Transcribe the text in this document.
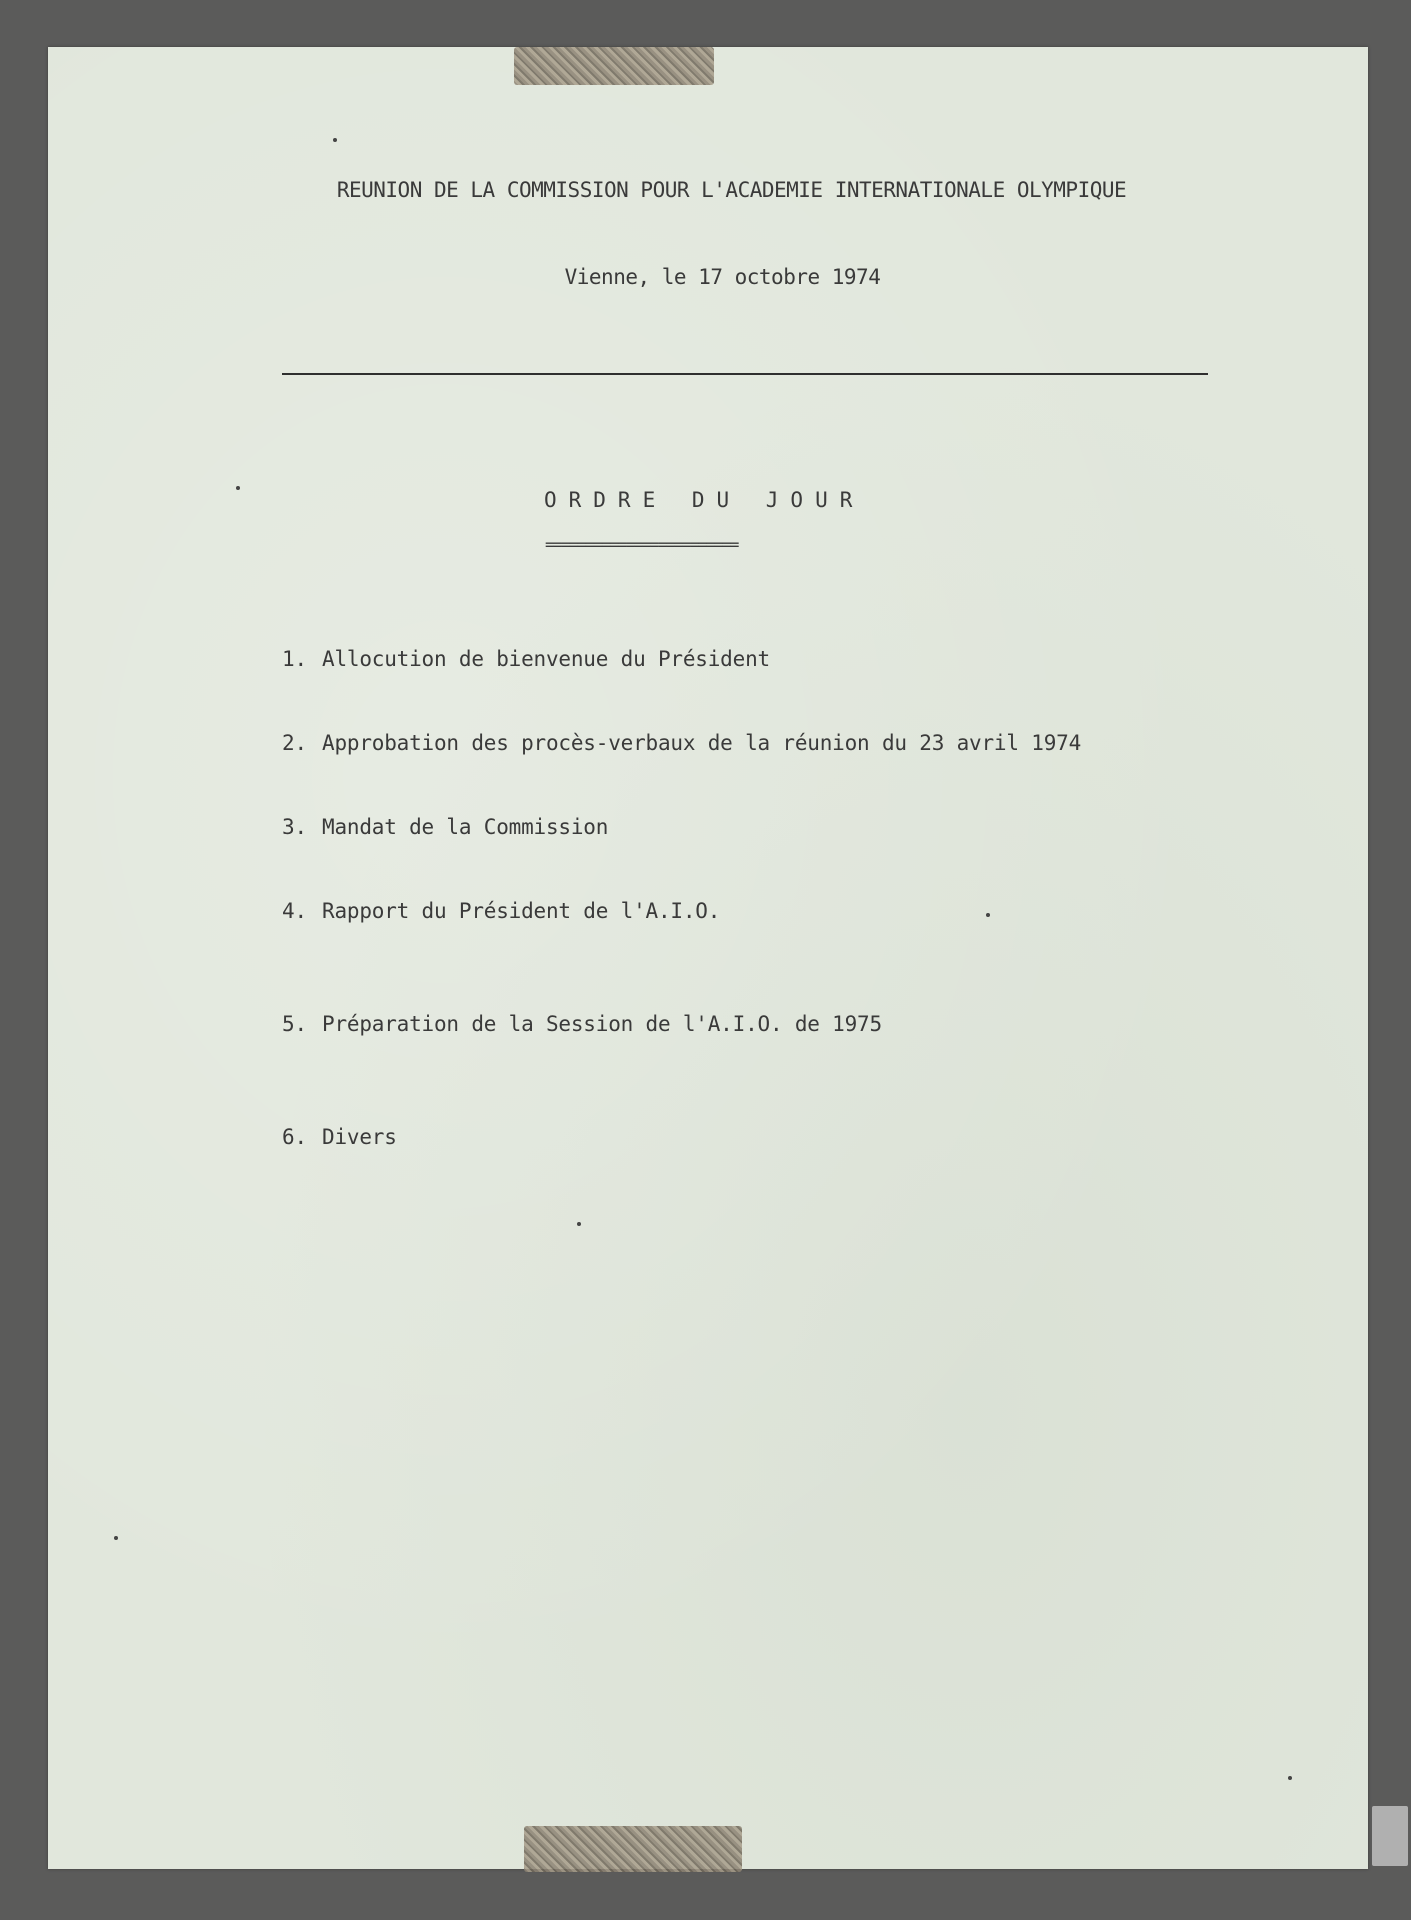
REUNION DE LA COMMISSION POUR L'ACADEMIE INTERNATIONALE OLYMPIQUE
Vienne, le 17 octobre 1974
ORDRE DU JOUR
========================
1. Allocution de bienvenue du Président
2. Approbation des procès-verbaux de la réunion du 23 avril 1974
3. Mandat de la Commission
4. Rapport du Président de l'A.I.O.
5. Préparation de la Session de l'A.I.O. de 1975
6. Divers
